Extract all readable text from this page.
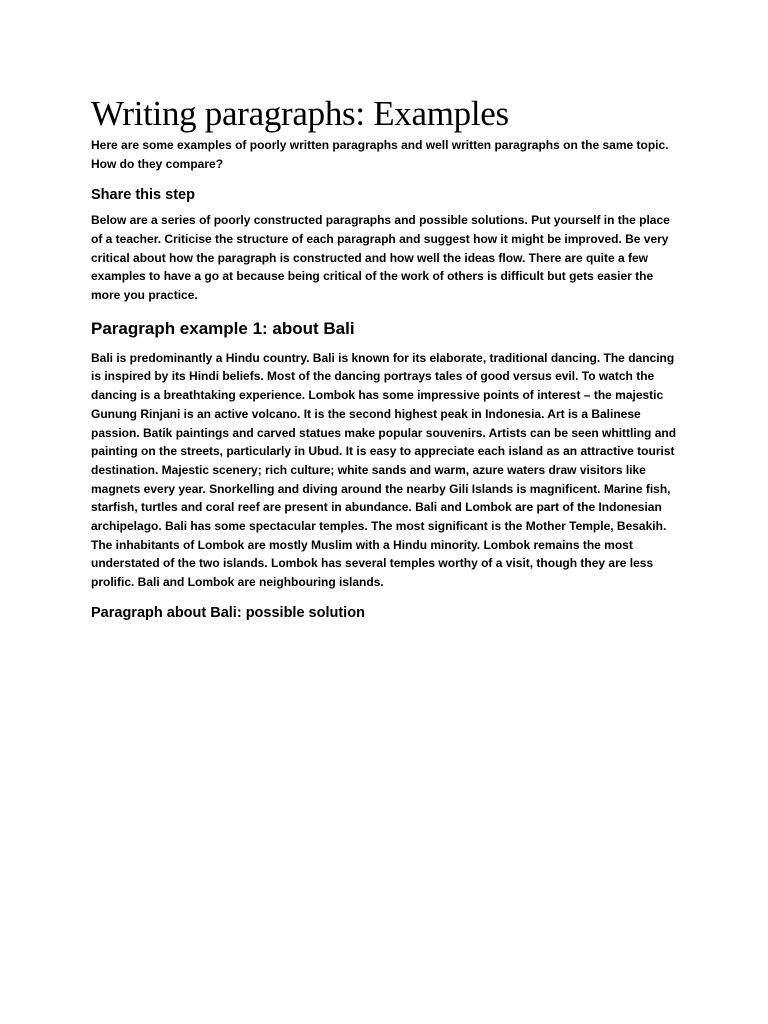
Writing paragraphs: Examples

Here are some examples of poorly written paragraphs and well written paragraphs on the same topic.
How do they compare?

Share this step

Below are a series of poorly constructed paragraphs and possible solutions. Put yourself in the place
of a teacher. Criticise the structure of each paragraph and suggest how it might be improved. Be very
critical about how the paragraph is constructed and how well the ideas flow. There are quite a few
examples to have a go at because being critical of the work of others is difficult but gets easier the
more you practice.

Paragraph example 1: about Bali

Bali is predominantly a Hindu country. Bali is known for its elaborate, traditional dancing. The dancing
is inspired by its Hindi beliefs. Most of the dancing portrays tales of good versus evil. To watch the
dancing is a breathtaking experience. Lombok has some impressive points of interest – the majestic
Gunung Rinjani is an active volcano. It is the second highest peak in Indonesia. Art is a Balinese
passion. Batik paintings and carved statues make popular souvenirs. Artists can be seen whittling and
painting on the streets, particularly in Ubud. It is easy to appreciate each island as an attractive tourist
destination. Majestic scenery; rich culture; white sands and warm, azure waters draw visitors like
magnets every year. Snorkelling and diving around the nearby Gili Islands is magnificent. Marine fish,
starfish, turtles and coral reef are present in abundance. Bali and Lombok are part of the Indonesian
archipelago. Bali has some spectacular temples. The most significant is the Mother Temple, Besakih.
The inhabitants of Lombok are mostly Muslim with a Hindu minority. Lombok remains the most
understated of the two islands. Lombok has several temples worthy of a visit, though they are less
prolific. Bali and Lombok are neighbouring islands.

Paragraph about Bali: possible solution
